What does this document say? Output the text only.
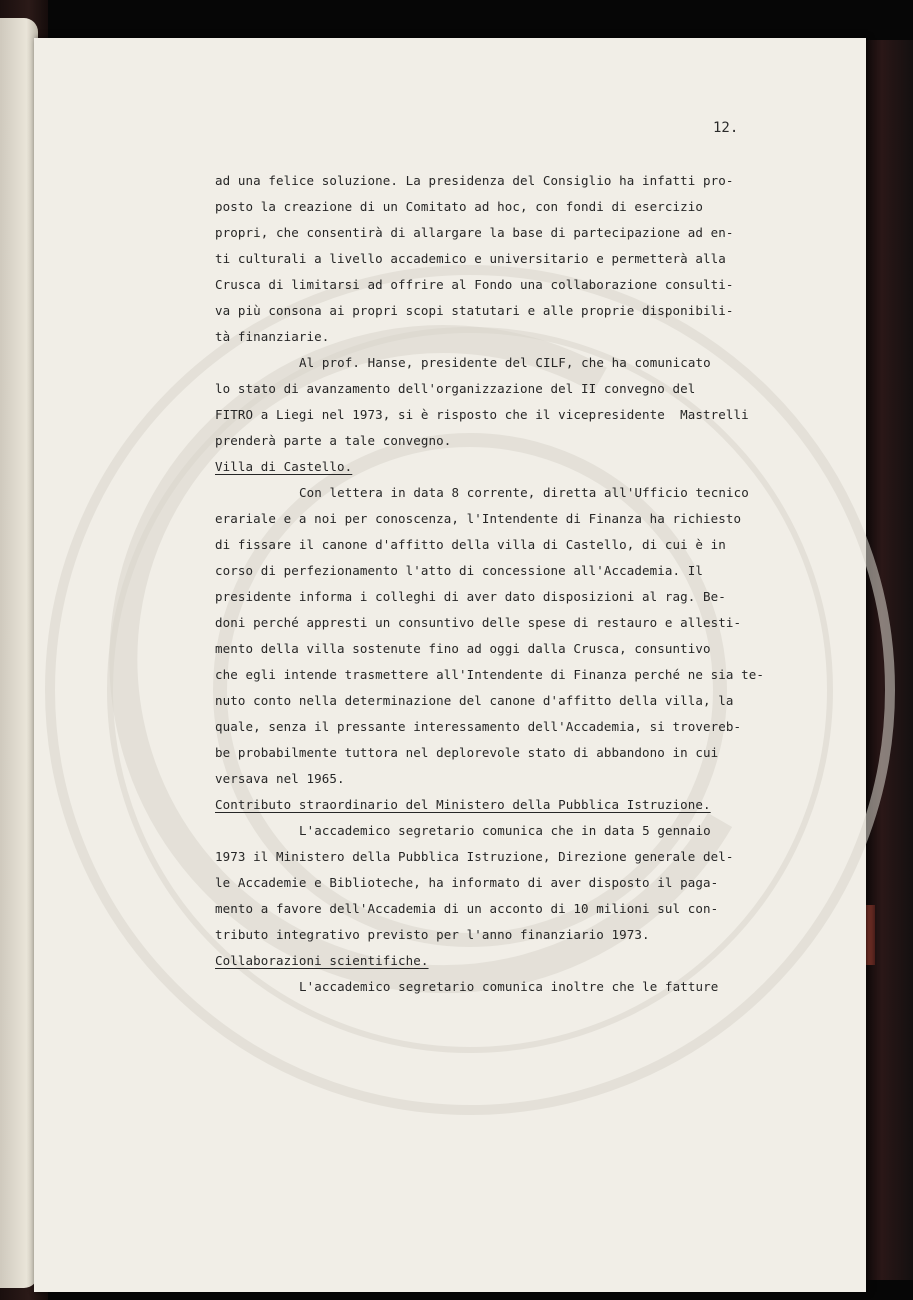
12.
ad una felice soluzione. La presidenza del Consiglio ha infatti pro-
posto la creazione di un Comitato ad hoc, con fondi di esercizio
propri, che consentirà di allargare la base di partecipazione ad en-
ti culturali a livello accademico e universitario e permetterà alla
Crusca di limitarsi ad offrire al Fondo una collaborazione consulti-
va più consona ai propri scopi statutari e alle proprie disponibili-
tà finanziarie.
Al prof. Hanse, presidente del CILF, che ha comunicato
lo stato di avanzamento dell'organizzazione del II convegno del
FITRO a Liegi nel 1973, si è risposto che il vicepresidente  Mastrelli
prenderà parte a tale convegno.
Villa di Castello.
Con lettera in data 8 corrente, diretta all'Ufficio tecnico
erariale e a noi per conoscenza, l'Intendente di Finanza ha richiesto
di fissare il canone d'affitto della villa di Castello, di cui è in
corso di perfezionamento l'atto di concessione all'Accademia. Il
presidente informa i colleghi di aver dato disposizioni al rag. Be-
doni perché appresti un consuntivo delle spese di restauro e allesti-
mento della villa sostenute fino ad oggi dalla Crusca, consuntivo
che egli intende trasmettere all'Intendente di Finanza perché ne sia te-
nuto conto nella determinazione del canone d'affitto della villa, la
quale, senza il pressante interessamento dell'Accademia, si trovereb-
be probabilmente tuttora nel deplorevole stato di abbandono in cui
versava nel 1965.
Contributo straordinario del Ministero della Pubblica Istruzione.
L'accademico segretario comunica che in data 5 gennaio
1973 il Ministero della Pubblica Istruzione, Direzione generale del-
le Accademie e Biblioteche, ha informato di aver disposto il paga-
mento a favore dell'Accademia di un acconto di 10 milioni sul con-
tributo integrativo previsto per l'anno finanziario 1973.
Collaborazioni scientifiche.
L'accademico segretario comunica inoltre che le fatture
